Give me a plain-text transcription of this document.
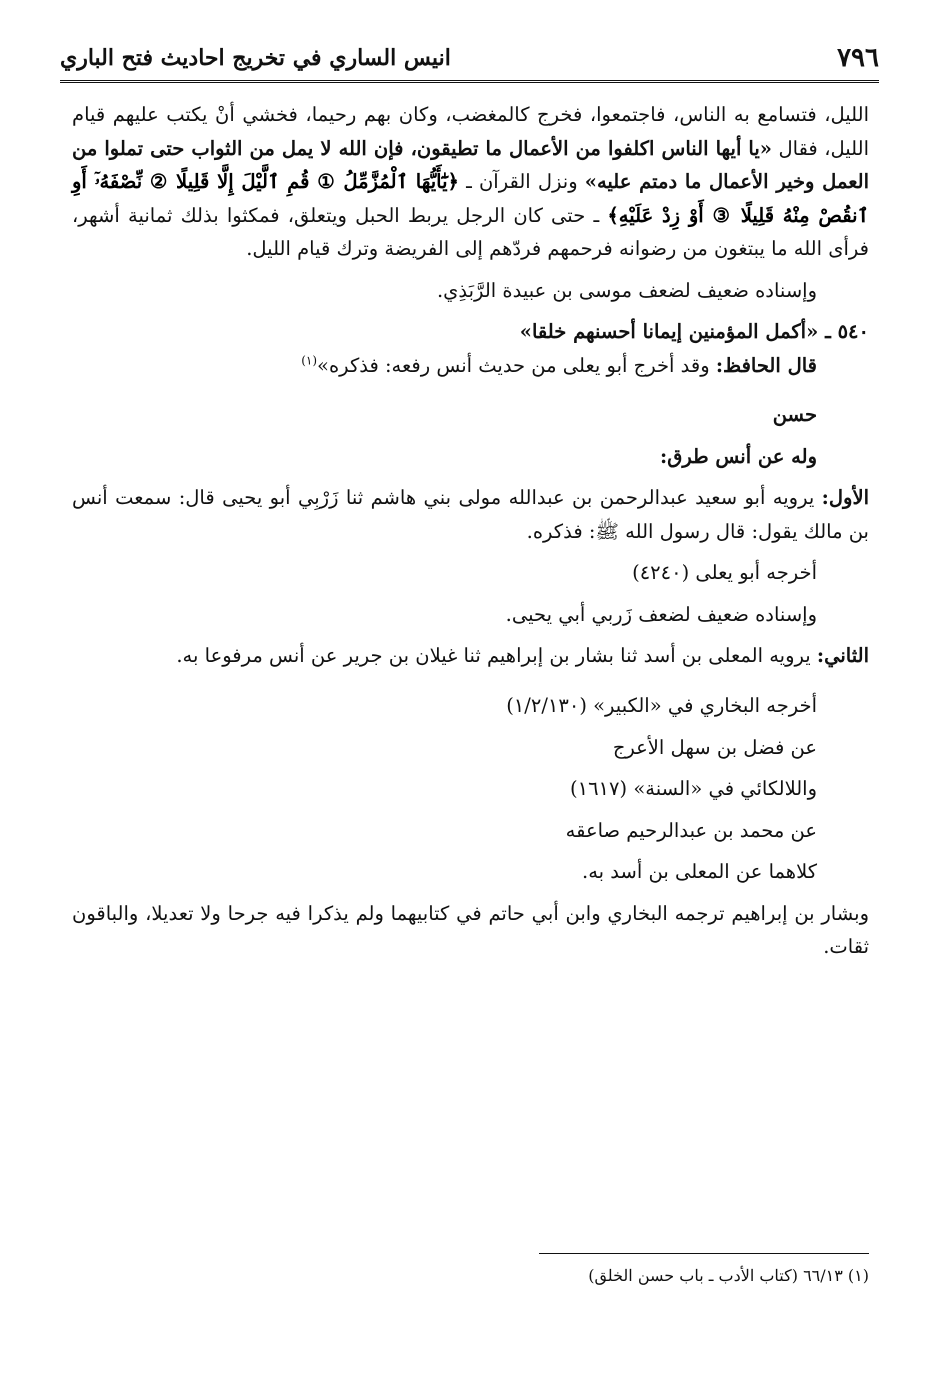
٧٩٦
انيس الساري في تخريج احاديث فتح الباري

الليل، فتسامع به الناس، فاجتمعوا، فخرج كالمغضب، وكان بهم رحيما، فخشي أنْ يكتب عليهم قيام الليل، فقال «يا أيها الناس اكلفوا من الأعمال ما تطيقون، فإن الله لا يمل من الثواب حتى تملوا من العمل وخير الأعمال ما دمتم عليه» ونزل القرآن ـ ﴿يَٰٓأَيُّهَا ٱلْمُزَّمِّلُ ① قُمِ ٱلَّيْلَ إِلَّا قَلِيلًا ② نِّصْفَهُۥٓ أَوِ ٱنقُصْ مِنْهُ قَلِيلًا ③ أَوْ زِدْ عَلَيْهِ﴾ ـ حتى كان الرجل يربط الحبل ويتعلق، فمكثوا بذلك ثمانية أشهر، فرأى الله ما يبتغون من رضوانه فرحمهم فردّهم إلى الفريضة وترك قيام الليل.

وإسناده ضعيف لضعف موسى بن عبيدة الرَّبَذِي.

٥٤٠ ـ «أكمل المؤمنين إيمانا أحسنهم خلقا»

قال الحافظ: وقد أخرج أبو يعلى من حديث أنس رفعه: فذكره»$^{(١)}$

حسن

وله عن أنس طرق:

الأول: يرويه أبو سعيد عبدالرحمن بن عبدالله مولى بني هاشم ثنا زَرْبِي أبو يحيى قال: سمعت أنس بن مالك يقول: قال رسول الله ﷺ: فذكره.

أخرجه أبو يعلى (٤٢٤٠)

وإسناده ضعيف لضعف زَربي أبي يحيى.

الثاني: يرويه المعلى بن أسد ثنا بشار بن إبراهيم ثنا غيلان بن جرير عن أنس مرفوعا به.

أخرجه البخاري في «الكبير» (١/٢/١٣٠)

عن فضل بن سهل الأعرج

واللالكائي في «السنة» (١٦١٧)

عن محمد بن عبدالرحيم صاعقه

كلاهما عن المعلى بن أسد به.

وبشار بن إبراهيم ترجمه البخاري وابن أبي حاتم في كتابيهما ولم يذكرا فيه جرحا ولا تعديلا، والباقون ثقات.

(١) ٦٦/١٣ (كتاب الأدب ـ باب حسن الخلق)
